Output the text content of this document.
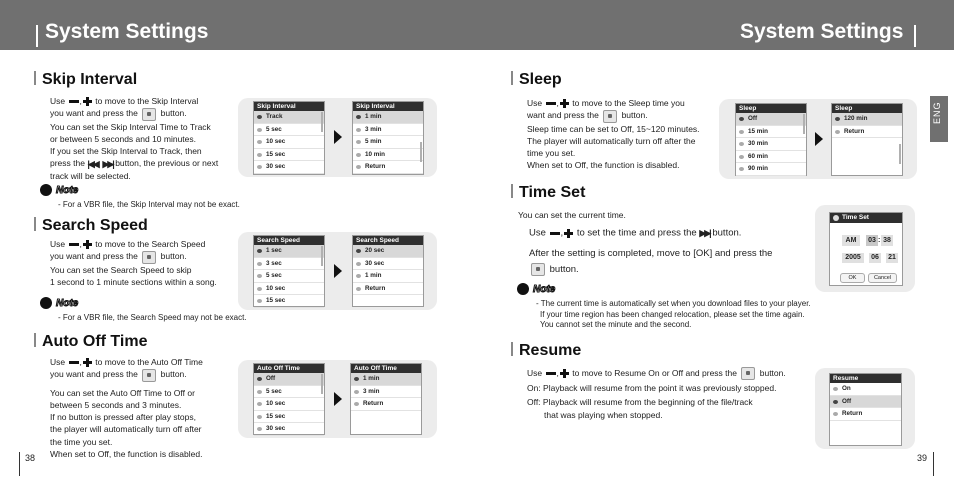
System Settings	System Settings
ENG
Skip Interval
Use , to move to the Skip Interval
you want and press the	button.
You can set the Skip Interval Time to Track
or between 5 seconds and 10 minutes.
If you set the Skip Interval to Track, then
press the |◀◀, ▶▶| button, the previous or next
track will be selected.
Note
- For a VBR file, the Skip Interval may not be exact.
Skip Interval
Track
5 sec
10 sec
15 sec
30 sec
Skip Interval
1 min
3 min
5 min
10 min
Return
Search Speed
Use , to move to the Search Speed
you want and press the	button.
You can set the Search Speed to skip
1 second to 1 minute sections within a song.
Note
- For a VBR file, the Search Speed may not be exact.
Search Speed
1 sec
3 sec
5 sec
10 sec
15 sec
Search Speed
20 sec
30 sec
1 min
Return
Auto Off Time
Use , to move to the Auto Off Time
you want and press the	button.
You can set the Auto Off Time to Off or
between 5 seconds and 3 minutes.
If no button is pressed after play stops,
the player will automatically turn off after
the time you set.
When set to Off, the function is disabled.
Auto Off Time
Off
5 sec
10 sec
15 sec
30 sec
Auto Off Time
1 min
3 min
Return
38
Sleep
Use , to move to the Sleep time you
want and press the	button.
Sleep time can be set to Off, 15~120 minutes.
The player will automatically turn off after the
time you set.
When set to Off, the function is disabled.
Sleep
Off
15 min
30 min
60 min
90 min
Sleep
120 min
Return
Time Set
You can set the current time.
Use , to set the time and press the ▶▶| button.
After the setting is completed, move to [OK] and press the
button.
Note
- The current time is automatically set when you download files to your player.
If your time region has been changed relocation, please set the time again.
You cannot set the minute and the second.
Time Set
AM	03 : 38
2005	06	21
OK	Cancel
Resume
Use , to move to Resume On or Off and press the	button.
On: Playback will resume from the point it was previously stopped.
Off: Playback will resume from the beginning of the file/track
that was playing when stopped.
Resume
On
Off
Return
39
